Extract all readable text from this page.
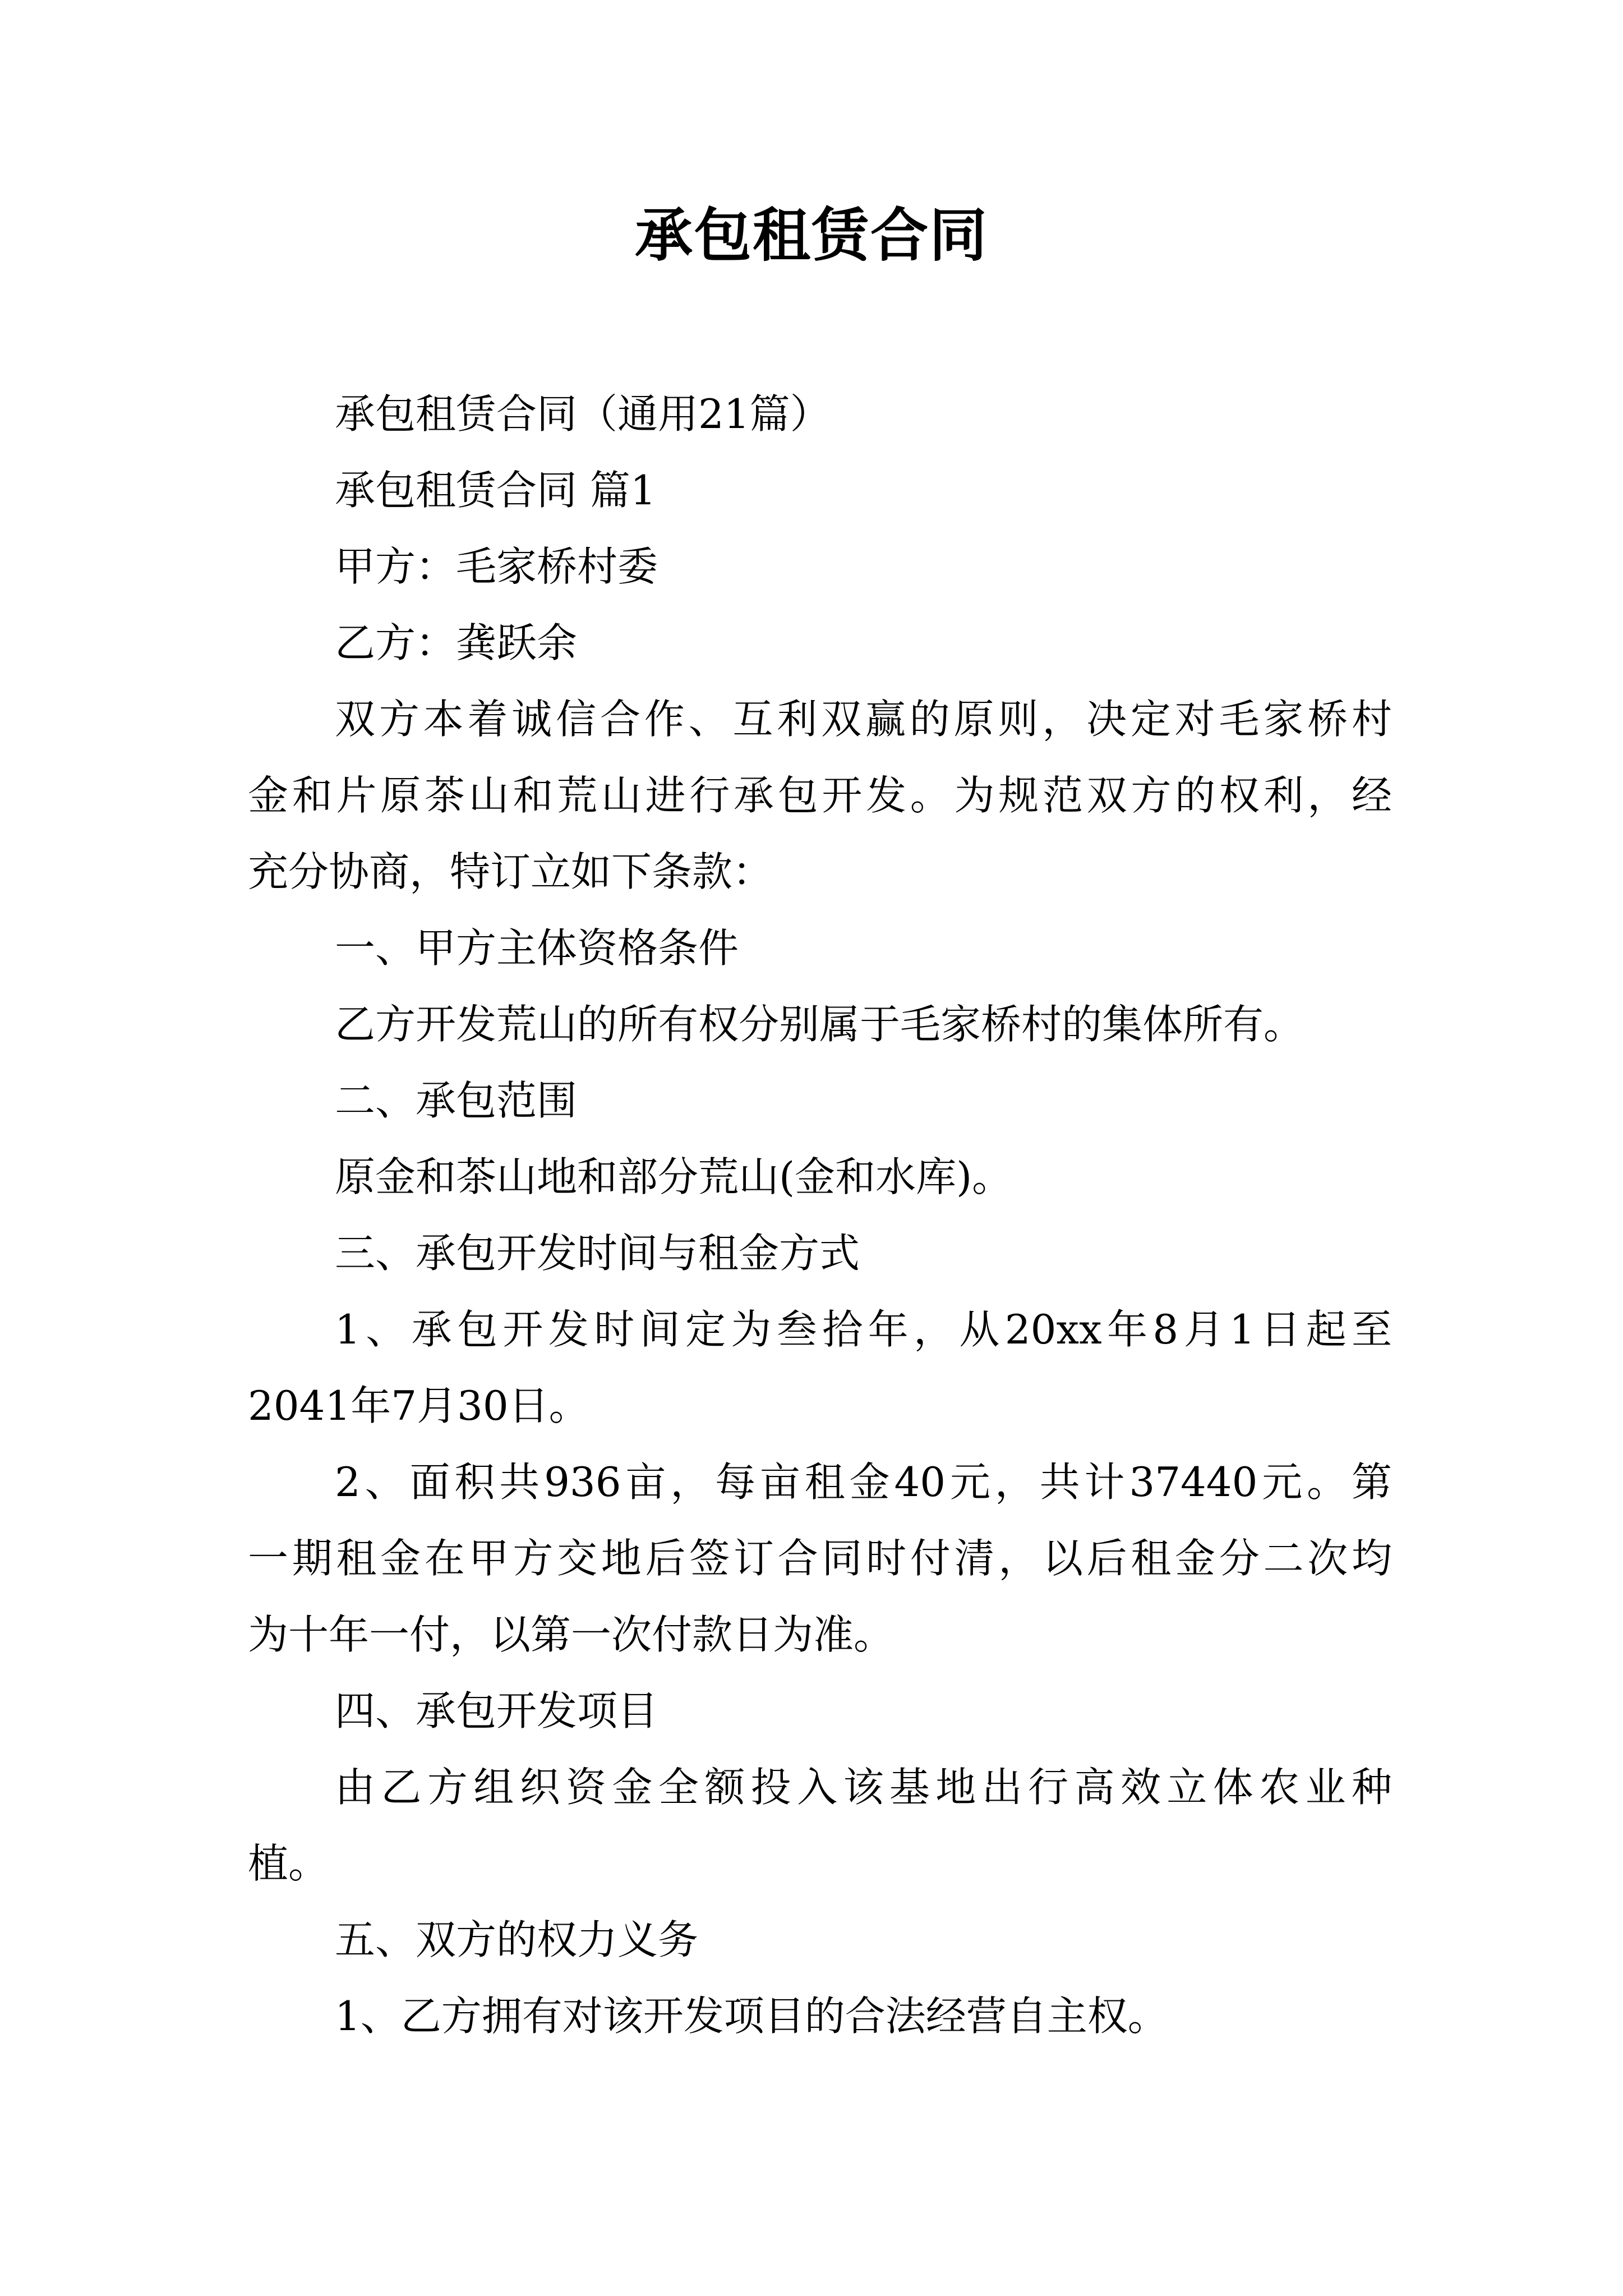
承包租赁合同
承包租赁合同（通用21篇）
承包租赁合同 篇1
甲方：毛家桥村委
乙方：龚跃余
双方本着诚信合作、互利双赢的原则，决定对毛家桥村
金和片原茶山和荒山进行承包开发。为规范双方的权利，经
充分协商，特订立如下条款：
一、甲方主体资格条件
乙方开发荒山的所有权分别属于毛家桥村的集体所有。
二、承包范围
原金和茶山地和部分荒山(金和水库)。
三、承包开发时间与租金方式
1、承包开发时间定为叁拾年，从20xx年8月1日起至
2041年7月30日。
2、面积共936亩，每亩租金40元，共计37440元。第
一期租金在甲方交地后签订合同时付清，以后租金分二次均
为十年一付，以第一次付款日为准。
四、承包开发项目
由乙方组织资金全额投入该基地出行高效立体农业种
植。
五、双方的权力义务
1、乙方拥有对该开发项目的合法经营自主权。
